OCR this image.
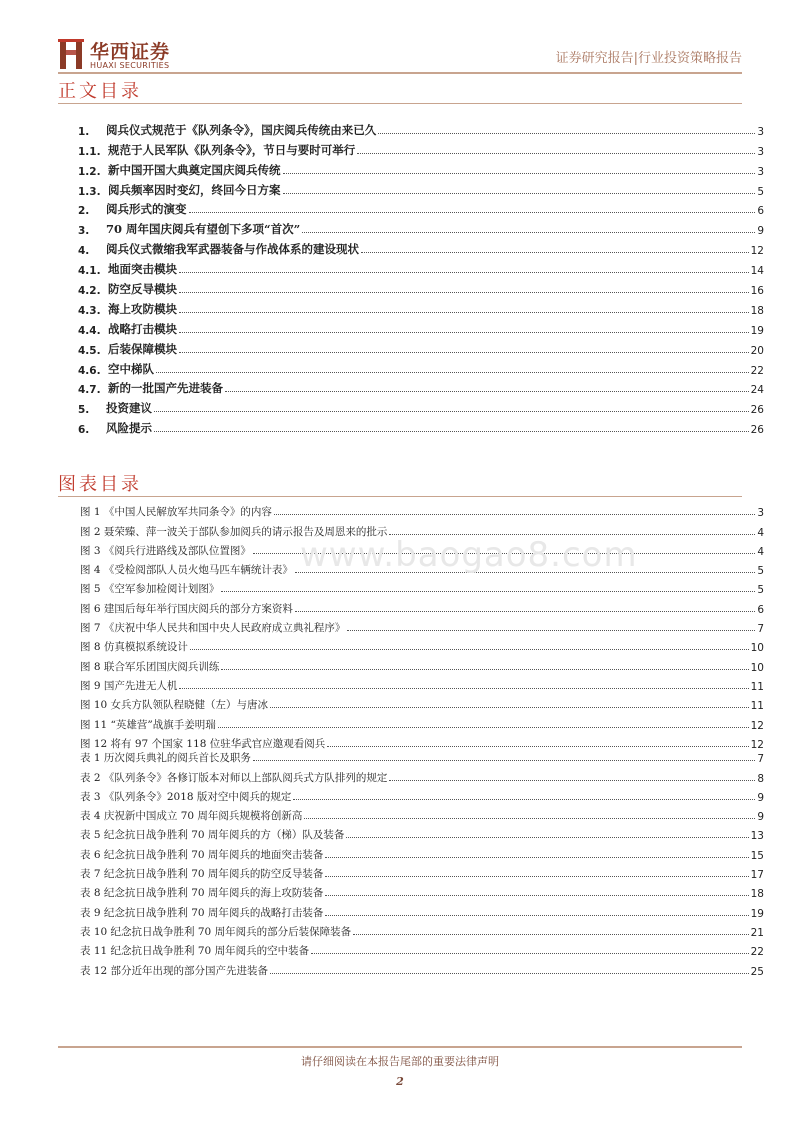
华西证券
HUAXI SECURITIES	证券研究报告|行业投资策略报告
正文目录
1.	阅兵仪式规范于《队列条令》，国庆阅兵传统由来已久	3
1.1. 规范于人民军队《队列条令》，节日与要时可举行	3
1.2. 新中国开国大典奠定国庆阅兵传统	3
1.3. 阅兵频率因时变幻，终回今日方案	5
2.	阅兵形式的演变	6
3.	70 周年国庆阅兵有望创下多项“首次”	9
4.	阅兵仪式微缩我军武器装备与作战体系的建设现状	12
4.1. 地面突击模块	14
4.2. 防空反导模块	16
4.3. 海上攻防模块	18
4.4. 战略打击模块	19
4.5. 后装保障模块	20
4.6. 空中梯队	22
4.7. 新的一批国产先进装备	24
5.	投资建议	26
6.	风险提示	26
图表目录
图 1 《中国人民解放军共同条令》的内容	3
图 2 聂荣臻、萍一波关于部队参加阅兵的请示报告及周恩来的批示	4
图 3 《阅兵行进路线及部队位置图》	4
图 4 《受检阅部队人员火炮马匹车辆统计表》	5
图 5 《空军参加检阅计划图》	5
图 6 建国后每年举行国庆阅兵的部分方案资料	6
图 7 《庆祝中华人民共和国中央人民政府成立典礼程序》	7
图 8 仿真模拟系统设计	10
图 8 联合军乐团国庆阅兵训练	10
图 9 国产先进无人机	11
图 10 女兵方队领队程晓健（左）与唐冰	11
图 11 “英雄营”战旗手姜明瑞	12
图 12 将有 97 个国家 118 位驻华武官应邀观看阅兵	12
表 1 历次阅兵典礼的阅兵首长及职务	7
表 2 《队列条令》各修订版本对师以上部队阅兵式方队排列的规定	8
表 3 《队列条令》2018 版对空中阅兵的规定	9
表 4 庆祝新中国成立 70 周年阅兵规模将创新高	9
表 5 纪念抗日战争胜利 70 周年阅兵的方（梯）队及装备	13
表 6 纪念抗日战争胜利 70 周年阅兵的地面突击装备	15
表 7 纪念抗日战争胜利 70 周年阅兵的防空反导装备	17
表 8 纪念抗日战争胜利 70 周年阅兵的海上攻防装备	18
表 9 纪念抗日战争胜利 70 周年阅兵的战略打击装备	19
表 10 纪念抗日战争胜利 70 周年阅兵的部分后装保障装备	21
表 11 纪念抗日战争胜利 70 周年阅兵的空中装备	22
表 12 部分近年出现的部分国产先进装备	25
www.baogao8.com
请仔细阅读在本报告尾部的重要法律声明
2
